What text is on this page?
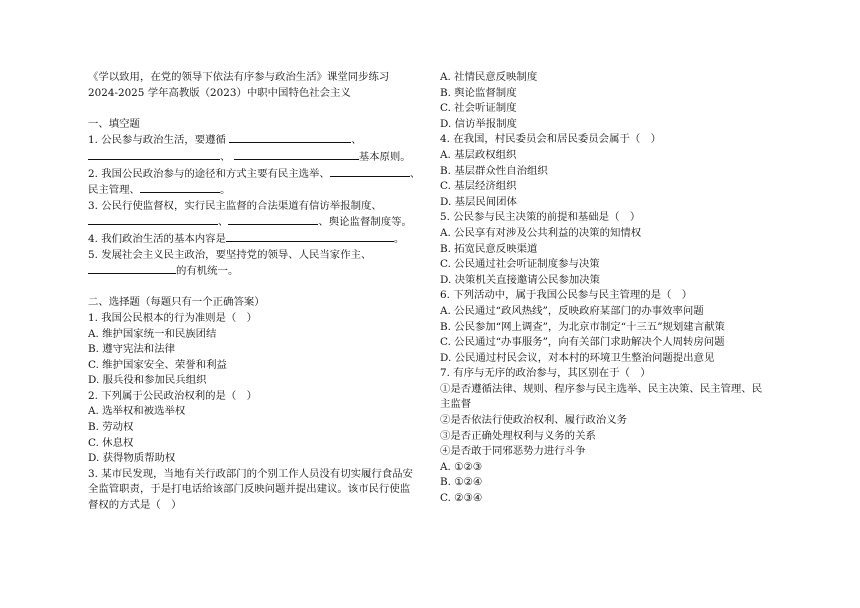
《学以致用，在党的领导下依法有序参与政治生活》课堂同步练习
2024-2025 学年高教版（2023）中职中国特色社会主义
一、填空题
1. 公民参与政治生活，要遵循	、
、	基本原则。
2. 我国公民政治参与的途径和方式主要有民主选举、	、
民主管理、	。
3. 公民行使监督权，实行民主监督的合法渠道有信访举报制度、
、	、舆论监督制度等。
4. 我们政治生活的基本内容是	。
5. 发展社会主义民主政治，要坚持党的领导、人民当家作主、
的有机统一。
二、选择题（每题只有一个正确答案）
1. 我国公民根本的行为准则是（　）
A. 维护国家统一和民族团结
B. 遵守宪法和法律
C. 维护国家安全、荣誉和利益
D. 服兵役和参加民兵组织
2. 下列属于公民政治权利的是（　）
A. 选举权和被选举权
B. 劳动权
C. 休息权
D. 获得物质帮助权
3. 某市民发现，当地有关行政部门的个别工作人员没有切实履行食品安
全监管职责，于是打电话给该部门反映问题并提出建议。该市民行使监
督权的方式是（　）
A. 社情民意反映制度
B. 舆论监督制度
C. 社会听证制度
D. 信访举报制度
4. 在我国，村民委员会和居民委员会属于（　）
A. 基层政权组织
B. 基层群众性自治组织
C. 基层经济组织
D. 基层民间团体
5. 公民参与民主决策的前提和基础是（　）
A. 公民享有对涉及公共利益的决策的知情权
B. 拓宽民意反映渠道
C. 公民通过社会听证制度参与决策
D. 决策机关直接邀请公民参加决策
6. 下列活动中，属于我国公民参与民主管理的是（　）
A. 公民通过“政风热线”，反映政府某部门的办事效率问题
B. 公民参加“网上调查”，为北京市制定“十三五”规划建言献策
C. 公民通过“办事服务”，向有关部门求助解决个人周转房问题
D. 公民通过村民会议，对本村的环境卫生整治问题提出意见
7. 有序与无序的政治参与，其区别在于（　）
①是否遵循法律、规则、程序参与民主选举、民主决策、民主管理、民
主监督
②是否依法行使政治权利、履行政治义务
③是否正确处理权利与义务的关系
④是否敢于同邪恶势力进行斗争
A. ①②③
B. ①②④
C. ②③④
